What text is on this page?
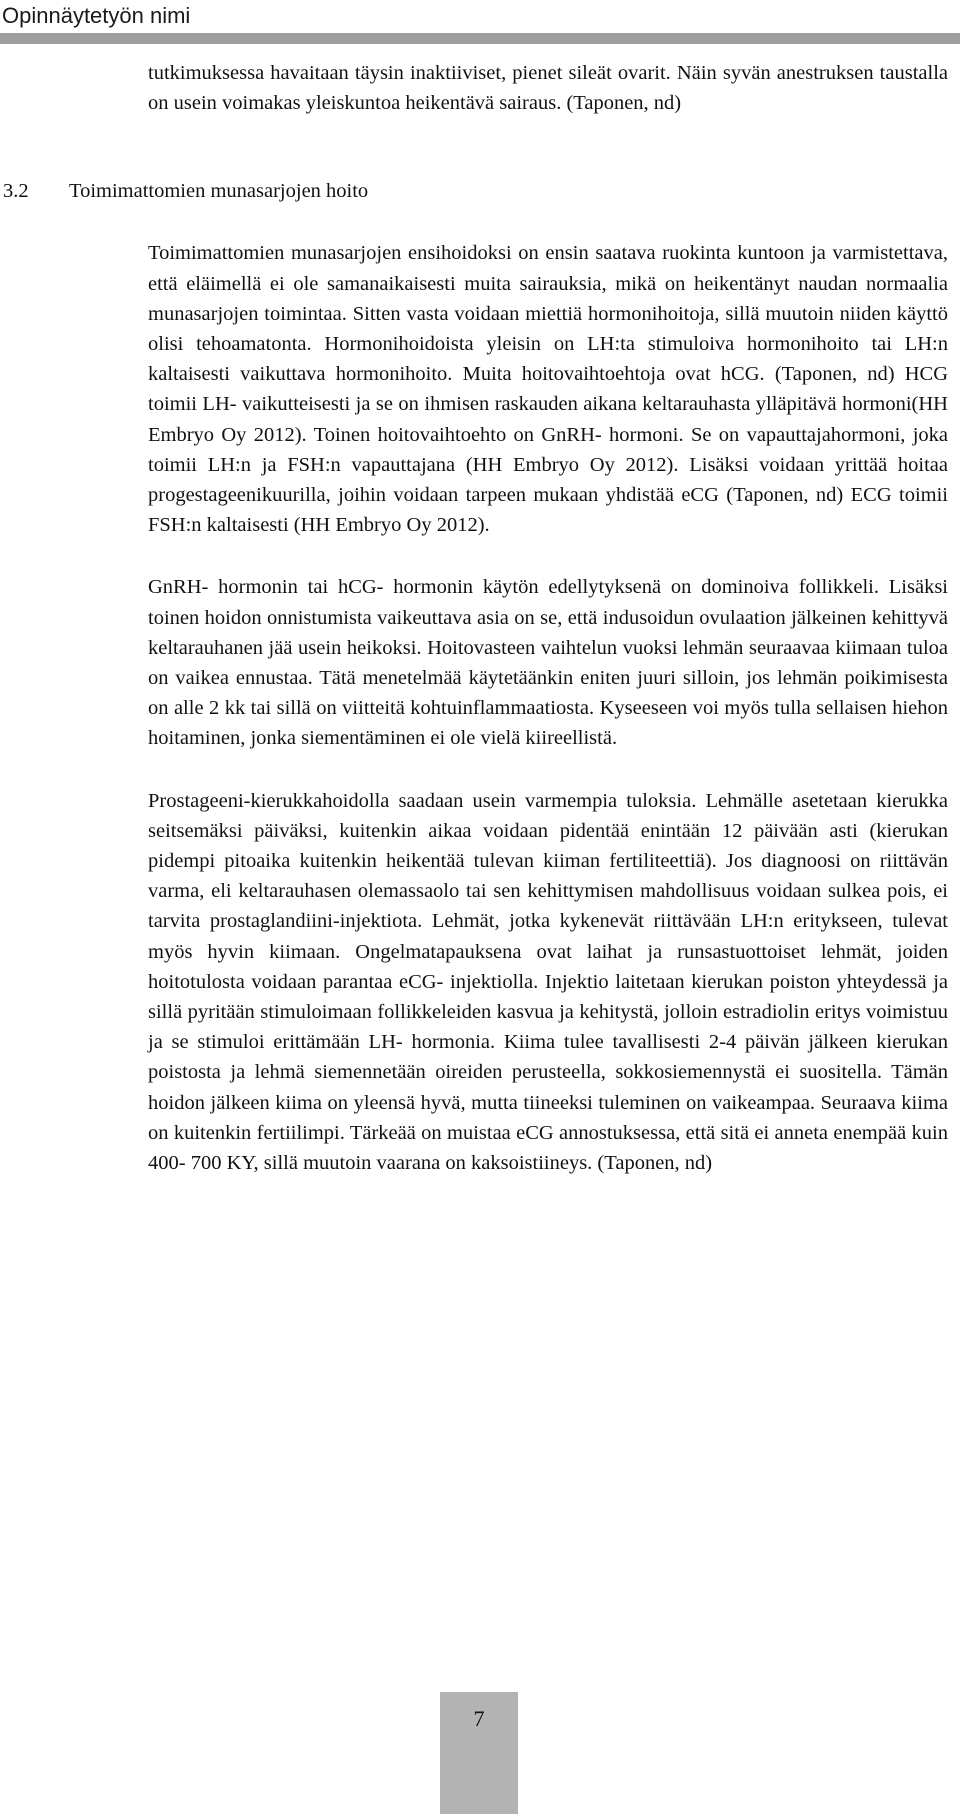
Opinnäytetyön nimi

tutkimuksessa havaitaan täysin inaktiiviset, pienet sileät ovarit. Näin syvän anestruksen taustalla on usein voimakas yleiskuntoa heikentävä sairaus. (Taponen, nd)

3.2	Toimimattomien munasarjojen hoito

Toimimattomien munasarjojen ensihoidoksi on ensin saatava ruokinta kuntoon ja varmistettava, että eläimellä ei ole samanaikaisesti muita sairauksia, mikä on heikentänyt naudan normaalia munasarjojen toimintaa. Sitten vasta voidaan miettiä hormonihoitoja, sillä muutoin niiden käyttö olisi tehoamatonta. Hormonihoidoista yleisin on LH:ta stimuloiva hormonihoito tai LH:n kaltaisesti vaikuttava hormonihoito. Muita hoitovaihtoehtoja ovat hCG. (Taponen, nd) HCG toimii LH- vaikutteisesti ja se on ihmisen raskauden aikana keltarauhasta ylläpitävä hormoni(HH Embryo Oy 2012). Toinen hoitovaihtoehto on GnRH- hormoni. Se on vapauttajahormoni, joka toimii LH:n ja FSH:n vapauttajana (HH Embryo Oy 2012). Lisäksi voidaan yrittää hoitaa progestageenikuurilla, joihin voidaan tarpeen mukaan yhdistää eCG (Taponen, nd) ECG toimii FSH:n kaltaisesti (HH Embryo Oy 2012).

GnRH- hormonin tai hCG- hormonin käytön edellytyksenä on dominoiva follikkeli. Lisäksi toinen hoidon onnistumista vaikeuttava asia on se, että indusoidun ovulaation jälkeinen kehittyvä keltarauhanen jää usein heikoksi. Hoitovasteen vaihtelun vuoksi lehmän seuraavaa kiimaan tuloa on vaikea ennustaa. Tätä menetelmää käytetäänkin eniten juuri silloin, jos lehmän poikimisesta on alle 2 kk tai sillä on viitteitä kohtuinflammaatiosta. Kyseeseen voi myös tulla sellaisen hiehon hoitaminen, jonka siementäminen ei ole vielä kiireellistä.

Prostageeni-kierukkahoidolla saadaan usein varmempia tuloksia. Lehmälle asetetaan kierukka seitsemäksi päiväksi, kuitenkin aikaa voidaan pidentää enintään 12 päivään asti (kierukan pidempi pitoaika kuitenkin heikentää tulevan kiiman fertiliteettiä). Jos diagnoosi on riittävän varma, eli keltarauhasen olemassaolo tai sen kehittymisen mahdollisuus voidaan sulkea pois, ei tarvita prostaglandiini-injektiota. Lehmät, jotka kykenevät riittävään LH:n eritykseen, tulevat myös hyvin kiimaan. Ongelmatapauksena ovat laihat ja runsastuottoiset lehmät, joiden hoitotulosta voidaan parantaa eCG- injektiolla. Injektio laitetaan kierukan poiston yhteydessä ja sillä pyritään stimuloimaan follikkeleiden kasvua ja kehitystä, jolloin estradiolin eritys voimistuu ja se stimuloi erittämään LH- hormonia. Kiima tulee tavallisesti 2-4 päivän jälkeen kierukan poistosta ja lehmä siemennetään oireiden perusteella, sokkosiemennystä ei suositella. Tämän hoidon jälkeen kiima on yleensä hyvä, mutta tiineeksi tuleminen on vaikeampaa. Seuraava kiima on kuitenkin fertiilimpi. Tärkeää on muistaa eCG annostuksessa, että sitä ei anneta enempää kuin 400- 700 KY, sillä muutoin vaarana on kaksoistiineys. (Taponen, nd)

7
